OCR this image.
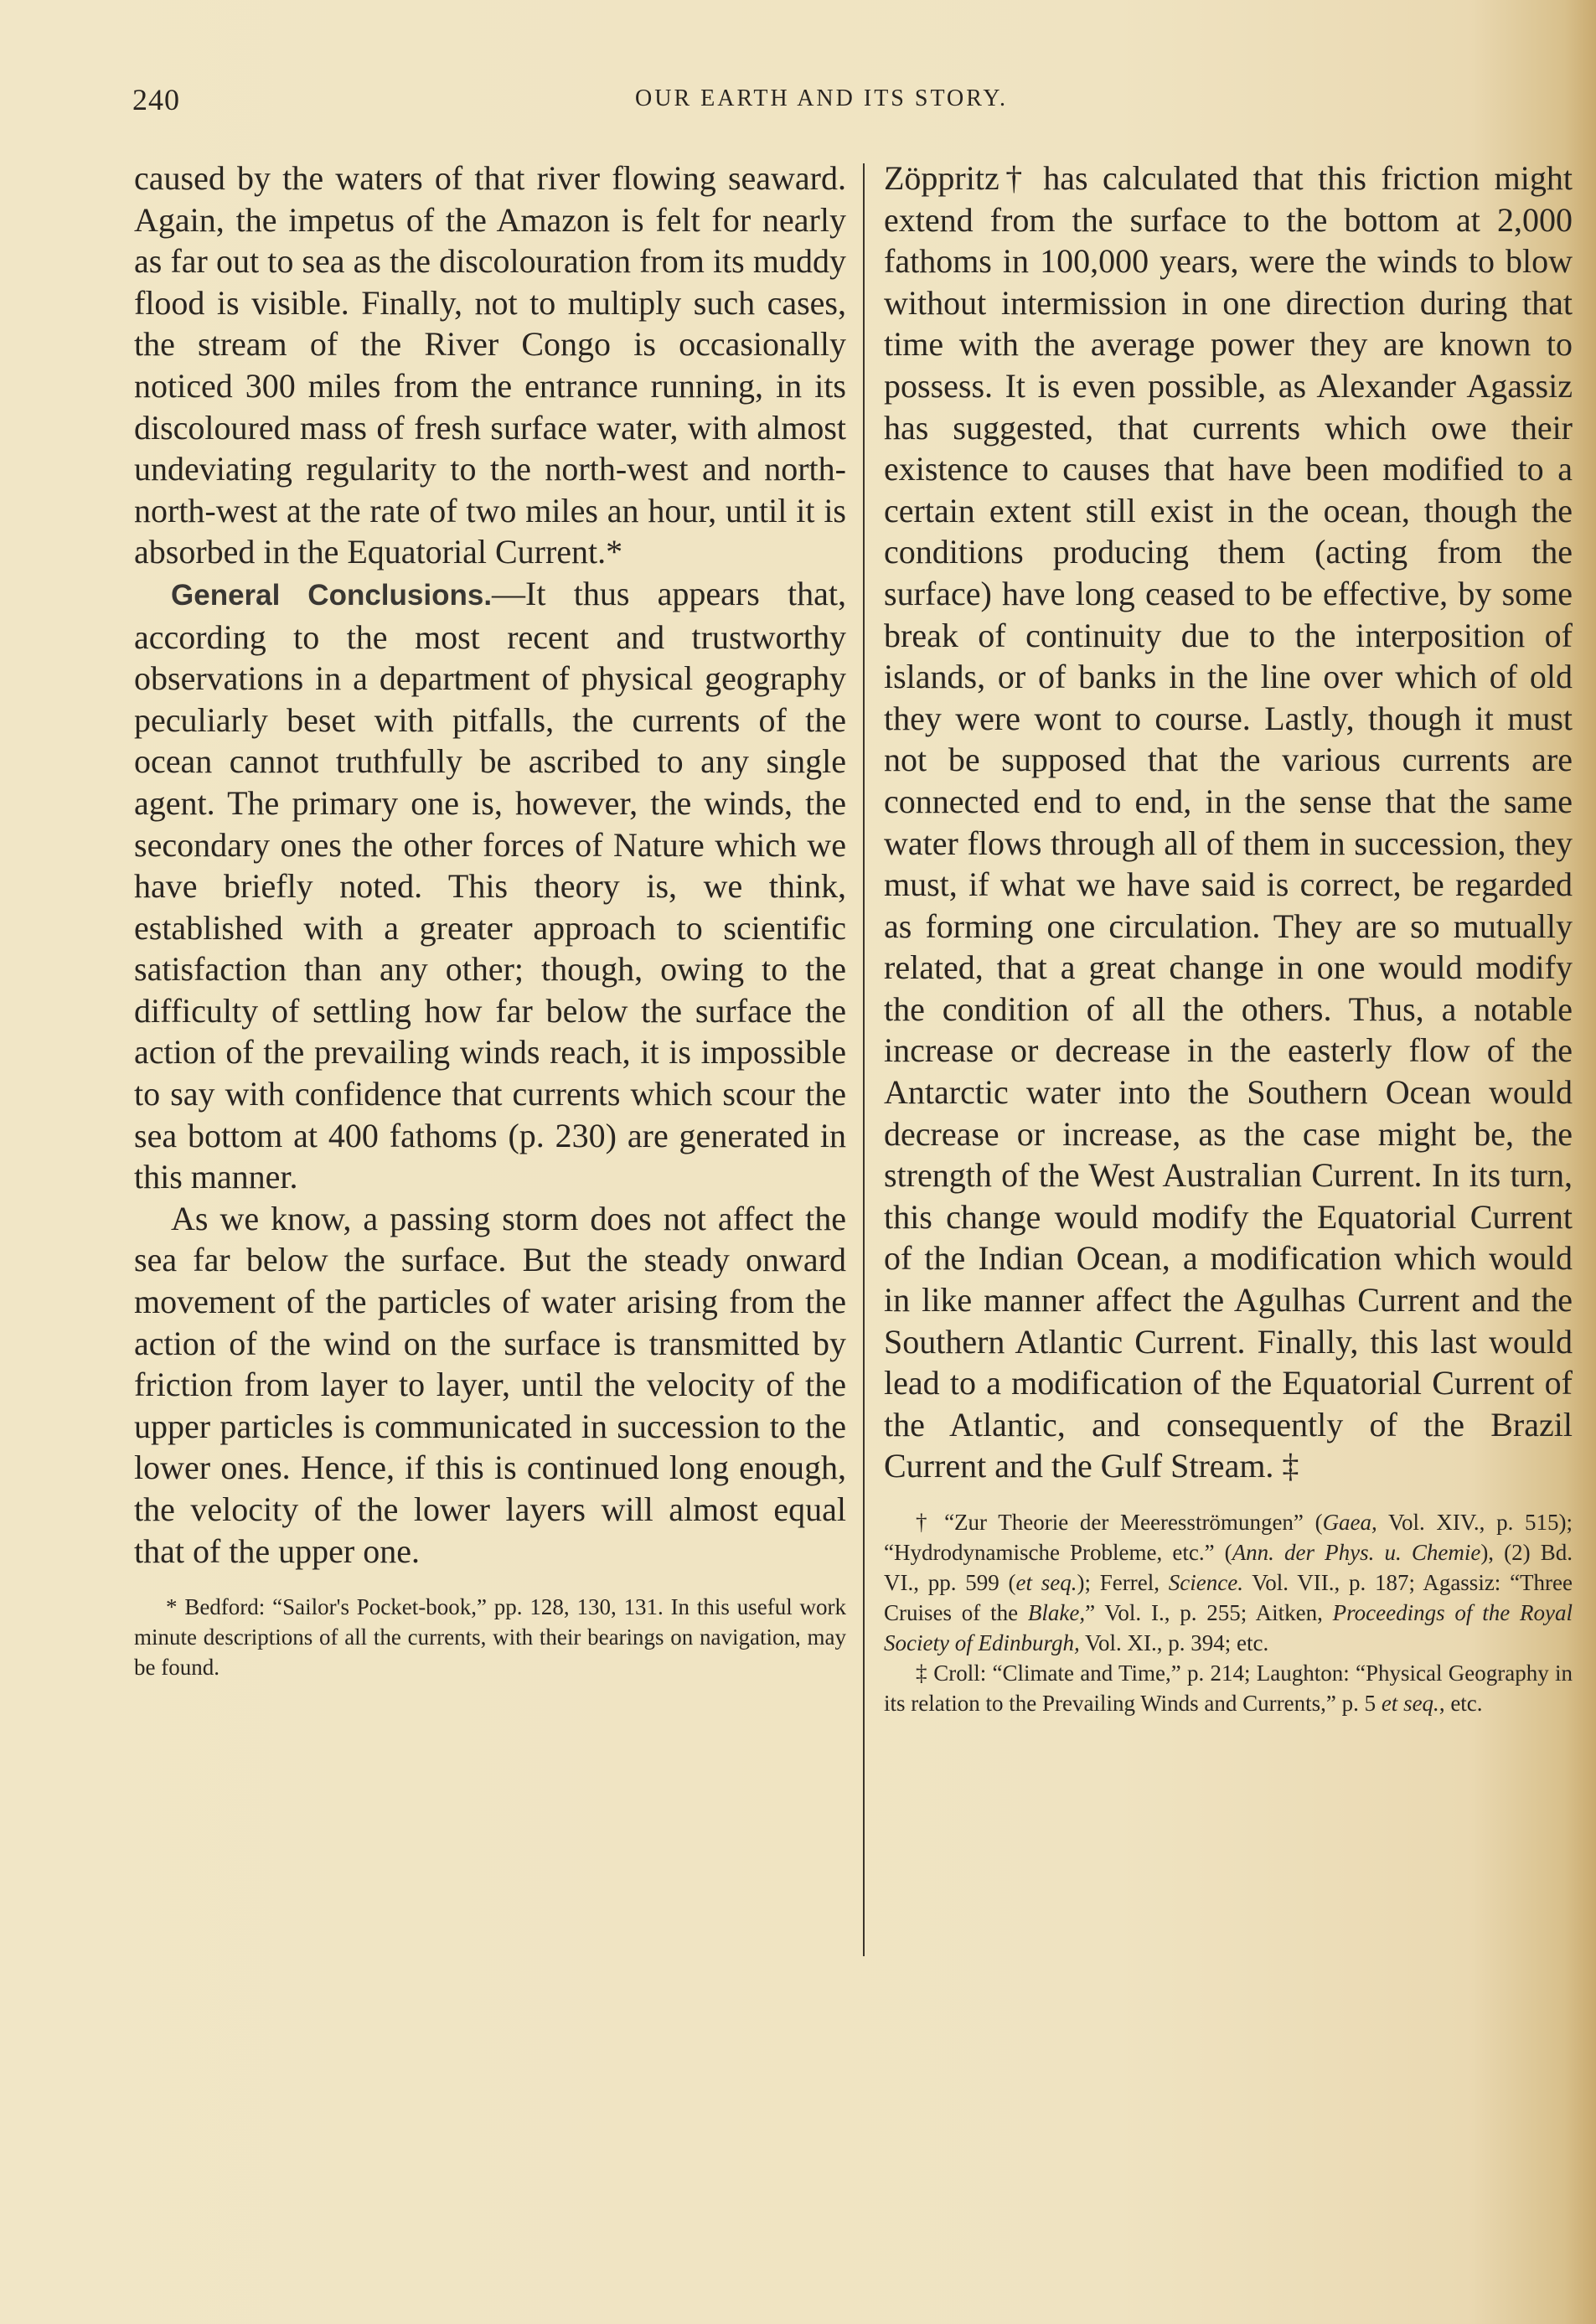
240	OUR EARTH AND ITS STORY.

caused by the waters of that river flowing seaward. Again, the impetus of the Amazon is felt for nearly as far out to sea as the discolouration from its muddy flood is visible. Finally, not to multiply such cases, the stream of the River Congo is occasionally noticed 300 miles from the entrance running, in its discoloured mass of fresh surface water, with almost undeviating regularity to the north-west and north-north-west at the rate of two miles an hour, until it is absorbed in the Equatorial Current.*

General Conclusions.—It thus appears that, according to the most recent and trustworthy observations in a department of physical geography peculiarly beset with pitfalls, the currents of the ocean cannot truthfully be ascribed to any single agent. The primary one is, however, the winds, the secondary ones the other forces of Nature which we have briefly noted. This theory is, we think, established with a greater approach to scientific satisfaction than any other; though, owing to the difficulty of settling how far below the surface the action of the prevailing winds reach, it is impossible to say with confidence that currents which scour the sea bottom at 400 fathoms (p. 230) are generated in this manner.

As we know, a passing storm does not affect the sea far below the surface. But the steady onward movement of the particles of water arising from the action of the wind on the surface is transmitted by friction from layer to layer, until the velocity of the upper particles is communicated in succession to the lower ones. Hence, if this is continued long enough, the velocity of the lower layers will almost equal that of the upper one.

* Bedford: “Sailor's Pocket-book,” pp. 128, 130, 131. In this useful work minute descriptions of all the currents, with their bearings on navigation, may be found.

Zöppritz† has calculated that this friction might extend from the surface to the bottom at 2,000 fathoms in 100,000 years, were the winds to blow without intermission in one direction during that time with the average power they are known to possess. It is even possible, as Alexander Agassiz has suggested, that currents which owe their existence to causes that have been modified to a certain extent still exist in the ocean, though the conditions producing them (acting from the surface) have long ceased to be effective, by some break of continuity due to the interposition of islands, or of banks in the line over which of old they were wont to course. Lastly, though it must not be supposed that the various currents are connected end to end, in the sense that the same water flows through all of them in succession, they must, if what we have said is correct, be regarded as forming one circulation. They are so mutually related, that a great change in one would modify the condition of all the others. Thus, a notable increase or decrease in the easterly flow of the Antarctic water into the Southern Ocean would decrease or increase, as the case might be, the strength of the West Australian Current. In its turn, this change would modify the Equatorial Current of the Indian Ocean, a modification which would in like manner affect the Agulhas Current and the Southern Atlantic Current. Finally, this last would lead to a modification of the Equatorial Current of the Atlantic, and consequently of the Brazil Current and the Gulf Stream. ‡

† “Zur Theorie der Meeresströmungen” (Gaea, Vol. XIV., p. 515); “Hydrodynamische Probleme, etc.” (Ann. der Phys. u. Chemie), (2) Bd. VI., pp. 599 (et seq.); Ferrel, Science. Vol. VII., p. 187; Agassiz: “Three Cruises of the Blake,” Vol. I., p. 255; Aitken, Proceedings of the Royal Society of Edinburgh, Vol. XI., p. 394; etc.

‡ Croll: “Climate and Time,” p. 214; Laughton: “Physical Geography in its relation to the Prevailing Winds and Currents,” p. 5 et seq., etc.
